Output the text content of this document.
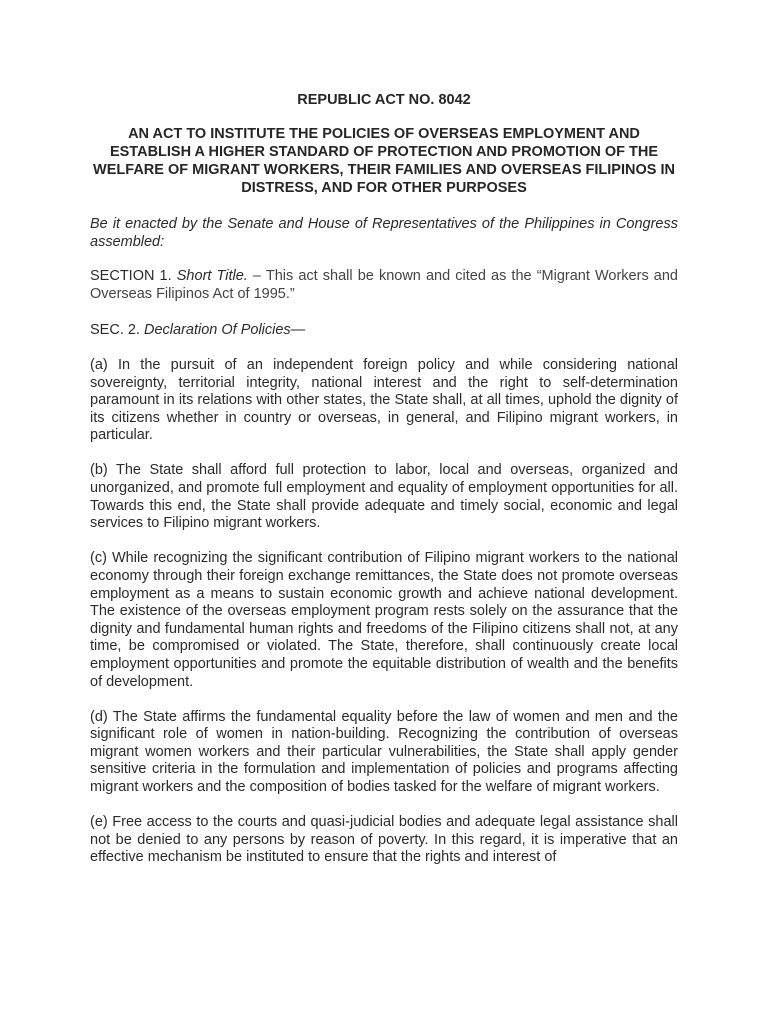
REPUBLIC ACT NO. 8042
AN ACT TO INSTITUTE THE POLICIES OF OVERSEAS EMPLOYMENT AND ESTABLISH A HIGHER STANDARD OF PROTECTION AND PROMOTION OF THE WELFARE OF MIGRANT WORKERS, THEIR FAMILIES AND OVERSEAS FILIPINOS IN DISTRESS, AND FOR OTHER PURPOSES
Be it enacted by the Senate and House of Representatives of the Philippines in Congress assembled:
SECTION 1. Short Title. – This act shall be known and cited as the “Migrant Workers and Overseas Filipinos Act of 1995.”
SEC. 2. Declaration Of Policies—
(a) In the pursuit of an independent foreign policy and while considering national sovereignty, territorial integrity, national interest and the right to self-determination paramount in its relations with other states, the State shall, at all times, uphold the dignity of its citizens whether in country or overseas, in general, and Filipino migrant workers, in particular.
(b) The State shall afford full protection to labor, local and overseas, organized and unorganized, and promote full employment and equality of employment opportunities for all. Towards this end, the State shall provide adequate and timely social, economic and legal services to Filipino migrant workers.
(c) While recognizing the significant contribution of Filipino migrant workers to the national economy through their foreign exchange remittances, the State does not promote overseas employment as a means to sustain economic growth and achieve national development. The existence of the overseas employment program rests solely on the assurance that the dignity and fundamental human rights and freedoms of the Filipino citizens shall not, at any time, be compromised or violated. The State, therefore, shall continuously create local employment opportunities and promote the equitable distribution of wealth and the benefits of development.
(d) The State affirms the fundamental equality before the law of women and men and the significant role of women in nation-building. Recognizing the contribution of overseas migrant women workers and their particular vulnerabilities, the State shall apply gender sensitive criteria in the formulation and implementation of policies and programs affecting migrant workers and the composition of bodies tasked for the welfare of migrant workers.
(e) Free access to the courts and quasi-judicial bodies and adequate legal assistance shall not be denied to any persons by reason of poverty. In this regard, it is imperative that an effective mechanism be instituted to ensure that the rights and interest of
